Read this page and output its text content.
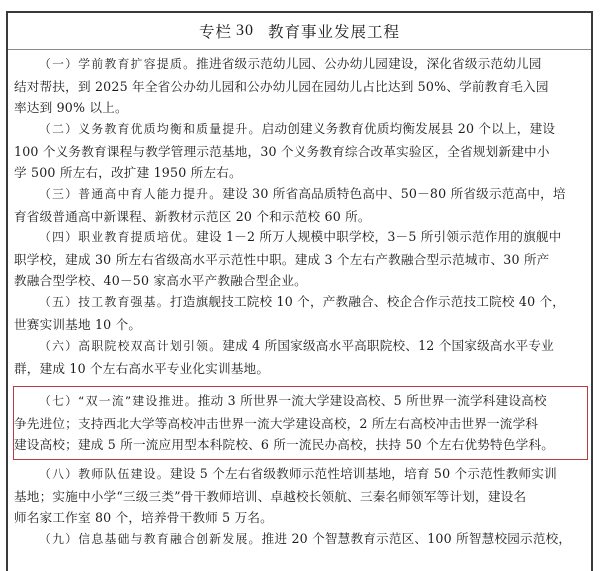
专栏 30 教育事业发展工程
（一）学前教育扩容提质。推进省级示范幼儿园、公办幼儿园建设，深化省级示范幼儿园
结对帮扶，到 2025 年全省公办幼儿园和公办幼儿园在园幼儿占比达到 50%、学前教育毛入园
率达到 90% 以上。
（二）义务教育优质均衡和质量提升。启动创建义务教育优质均衡发展县 20 个以上，建设
100 个义务教育课程与教学管理示范基地，30 个义务教育综合改革实验区，全省规划新建中小
学 500 所左右，改扩建 1950 所左右。
（三）普通高中育人能力提升。建设 30 所省高品质特色高中、50－80 所省级示范高中，培
育省级普通高中新课程、新教材示范区 20 个和示范校 60 所。
（四）职业教育提质培优。建设 1－2 所万人规模中职学校，3－5 所引领示范作用的旗舰中
职学校，建成 30 所左右省级高水平示范性中职。建成 3 个左右产教融合型示范城市、30 所产
教融合型学校、40－50 家高水平产教融合型企业。
（五）技工教育强基。打造旗舰技工院校 10 个，产教融合、校企合作示范技工院校 40 个，
世赛实训基地 10 个。
（六）高职院校双高计划引领。建成 4 所国家级高水平高职院校、12 个国家级高水平专业
群，建成 10 个左右高水平专业化实训基地。
（七）“双一流”建设推进。推动 3 所世界一流大学建设高校、5 所世界一流学科建设高校
争先进位；支持西北大学等高校冲击世界一流大学建设高校，2 所左右高校冲击世界一流学科
建设高校；建成 5 所一流应用型本科院校、6 所一流民办高校，扶持 50 个左右优势特色学科。
（八）教师队伍建设。建设 5 个左右省级教师示范性培训基地，培育 50 个示范性教师实训
基地；实施中小学“三级三类”骨干教师培训、卓越校长领航、三秦名师领军等计划，建设名
师名家工作室 80 个，培养骨干教师 5 万名。
（九）信息基础与教育融合创新发展。推进 20 个智慧教育示范区、100 所智慧校园示范校，
